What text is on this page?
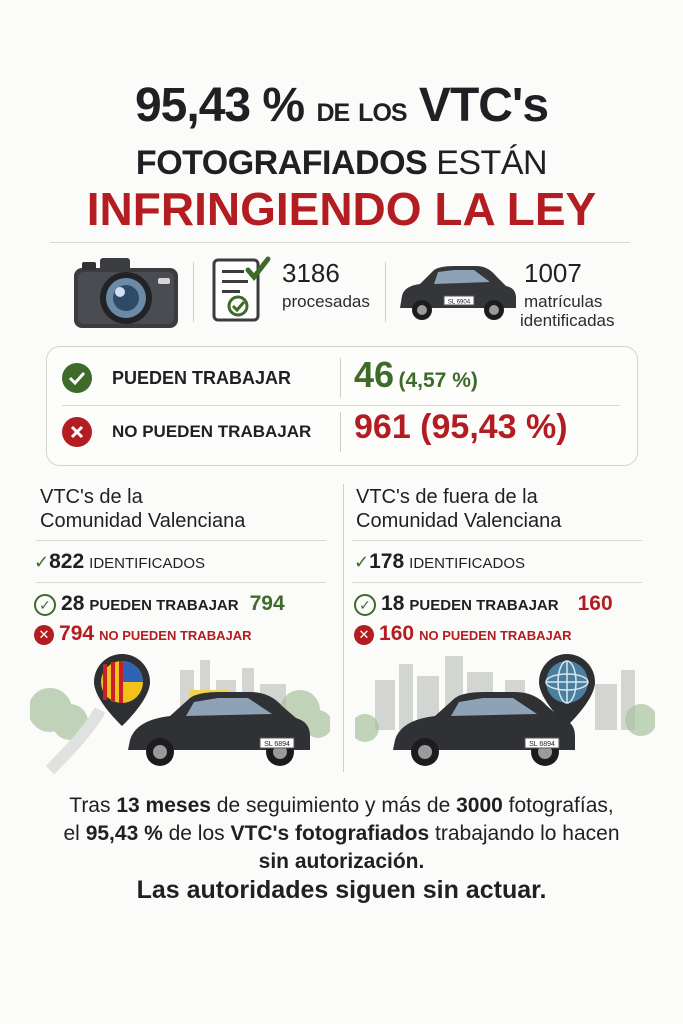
95,43 % de los VTC's
FOTOGRAFIADOS ESTÁN
INFRINGIENDO LA LEY
3186
procesadas	SL 6904
1007
matrículas
identificadas
PUEDEN TRABAJAR 46 (4,57 %)
NO PUEDEN TRABAJAR 961 (95,43 %)
VTC's de la
Comunidad Valenciana
✓822 IDENTIFICADOS
✓ 28 PUEDEN TRABAJAR 794
✕ 794 NO PUEDEN TRABAJAR
SL 6894
VTC's de fuera de la
Comunidad Valenciana
✓178 IDENTIFICADOS
✓ 18 PUEDEN TRABAJAR 160
✕ 160 NO PUEDEN TRABAJAR
SL 6894
Tras 13 meses de seguimiento y más de 3000 fotografías,
el 95,43 % de los VTC's fotografiados trabajando lo hacen
sin autorización.
Las autoridades siguen sin actuar.
